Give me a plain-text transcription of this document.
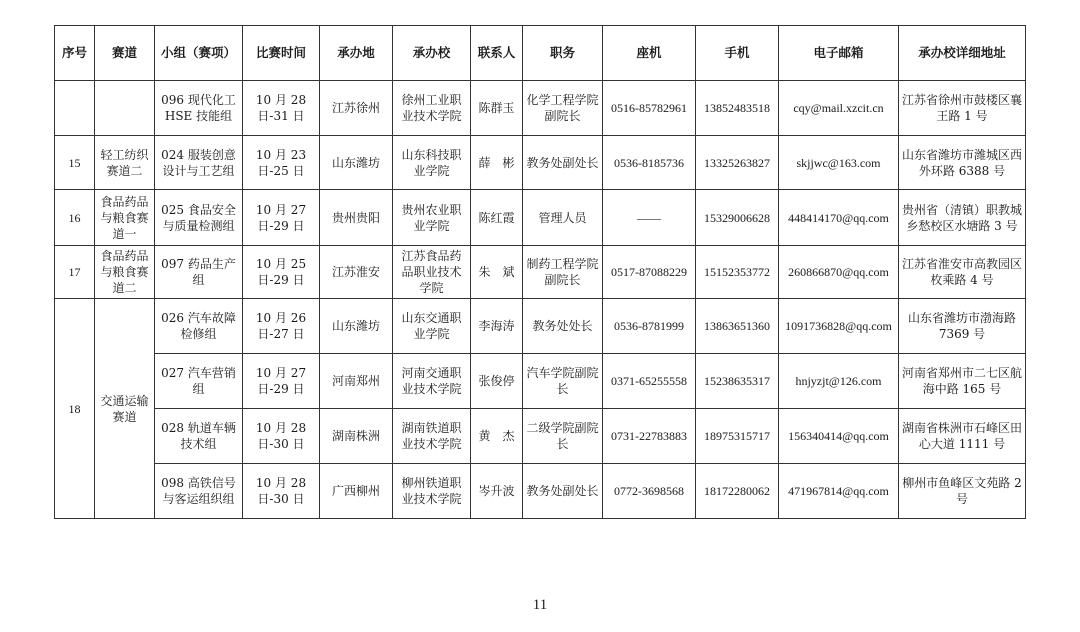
序号	赛道	小组（赛项）	比赛时间	承办地	承办校	联系人	职务	座机	手机	电子邮箱	承办校详细地址
		096 现代化工HSE 技能组	10 月 28 日-31 日	江苏徐州	徐州工业职业技术学院	陈群玉	化学工程学院副院长	0516-85782961	13852483518	cqy@mail.xzcit.cn	江苏省徐州市鼓楼区襄王路 1 号
15	轻工纺织赛道二	024 服装创意设计与工艺组	10 月 23 日-25 日	山东潍坊	山东科技职业学院	薛　彬	教务处副处长	0536-8185736	13325263827	skjjwc@163.com	山东省潍坊市潍城区西外环路 6388 号
16	食品药品与粮食赛道一	025 食品安全与质量检测组	10 月 27 日-29 日	贵州贵阳	贵州农业职业学院	陈红霞	管理人员	——	15329006628	448414170@qq.com	贵州省（清镇）职教城乡愁校区水塘路 3 号
17	食品药品与粮食赛道二	097 药品生产组	10 月 25 日-29 日	江苏淮安	江苏食品药品职业技术学院	朱　斌	制药工程学院副院长	0517-87088229	15152353772	260866870@qq.com	江苏省淮安市高教园区枚乘路 4 号
18	交通运输赛道	026 汽车故障检修组	10 月 26 日-27 日	山东潍坊	山东交通职业学院	李海涛	教务处处长	0536-8781999	13863651360	1091736828@qq.com	山东省潍坊市渤海路 7369 号
		027 汽车营销组	10 月 27 日-29 日	河南郑州	河南交通职业技术学院	张俊停	汽车学院副院长	0371-65255558	15238635317	hnjyzjt@126.com	河南省郑州市二七区航海中路 165 号
		028 轨道车辆技术组	10 月 28 日-30 日	湖南株洲	湖南铁道职业技术学院	黄　杰	二级学院副院长	0731-22783883	18975315717	156340414@qq.com	湖南省株洲市石峰区田心大道 1111 号
		098 高铁信号与客运组织组	10 月 28 日-30 日	广西柳州	柳州铁道职业技术学院	岑升波	教务处副处长	0772-3698568	18172280062	471967814@qq.com	柳州市鱼峰区文苑路 2 号
11
